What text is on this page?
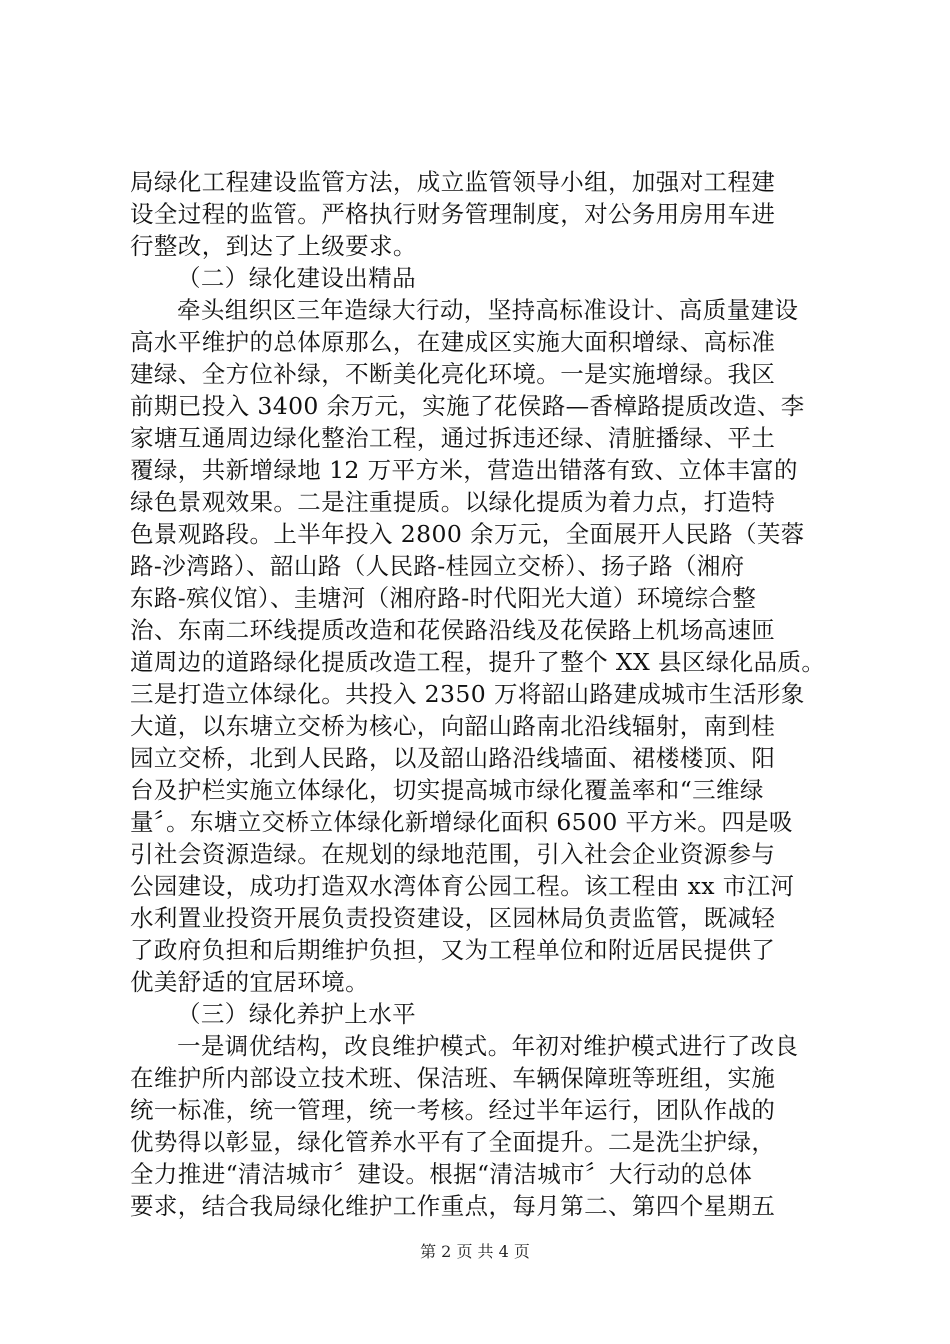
局绿化工程建设监管方法，成立监管领导小组，加强对工程建
设全过程的监管。严格执行财务管理制度，对公务用房用车进
行整改，到达了上级要求。
（二）绿化建设出精品
牵头组织区三年造绿大行动，坚持高标准设计、高质量建设
高水平维护的总体原那么，在建成区实施大面积增绿、高标准
建绿、全方位补绿，不断美化亮化环境。一是实施增绿。我区
前期已投入 3400 余万元，实施了花侯路—香樟路提质改造、李
家塘互通周边绿化整治工程，通过拆违还绿、清脏播绿、平土
覆绿，共新增绿地 12 万平方米，营造出错落有致、立体丰富的
绿色景观效果。二是注重提质。以绿化提质为着力点，打造特
色景观路段。上半年投入 2800 余万元，全面展开人民路（芙蓉
路-沙湾路）、韶山路（人民路-桂园立交桥）、扬子路（湘府
东路-殡仪馆）、圭塘河（湘府路-时代阳光大道）环境综合整
治、东南二环线提质改造和花侯路沿线及花侯路上机场高速匝
道周边的道路绿化提质改造工程，提升了整个 XX 县区绿化品质。
三是打造立体绿化。共投入 2350 万将韶山路建成城市生活形象
大道，以东塘立交桥为核心，向韶山路南北沿线辐射，南到桂
园立交桥，北到人民路，以及韶山路沿线墙面、裙楼楼顶、阳
台及护栏实施立体绿化，切实提高城市绿化覆盖率和“三维绿
量〞。东塘立交桥立体绿化新增绿化面积 6500 平方米。四是吸
引社会资源造绿。在规划的绿地范围，引入社会企业资源参与
公园建设，成功打造双水湾体育公园工程。该工程由 xx 市江河
水利置业投资开展负责投资建设，区园林局负责监管，既减轻
了政府负担和后期维护负担，又为工程单位和附近居民提供了
优美舒适的宜居环境。
（三）绿化养护上水平
一是调优结构，改良维护模式。年初对维护模式进行了改良
在维护所内部设立技术班、保洁班、车辆保障班等班组，实施
统一标准，统一管理，统一考核。经过半年运行，团队作战的
优势得以彰显，绿化管养水平有了全面提升。二是洗尘护绿，
全力推进“清洁城市〞建设。根据“清洁城市〞大行动的总体
要求，结合我局绿化维护工作重点，每月第二、第四个星期五
第 2 页 共 4 页
